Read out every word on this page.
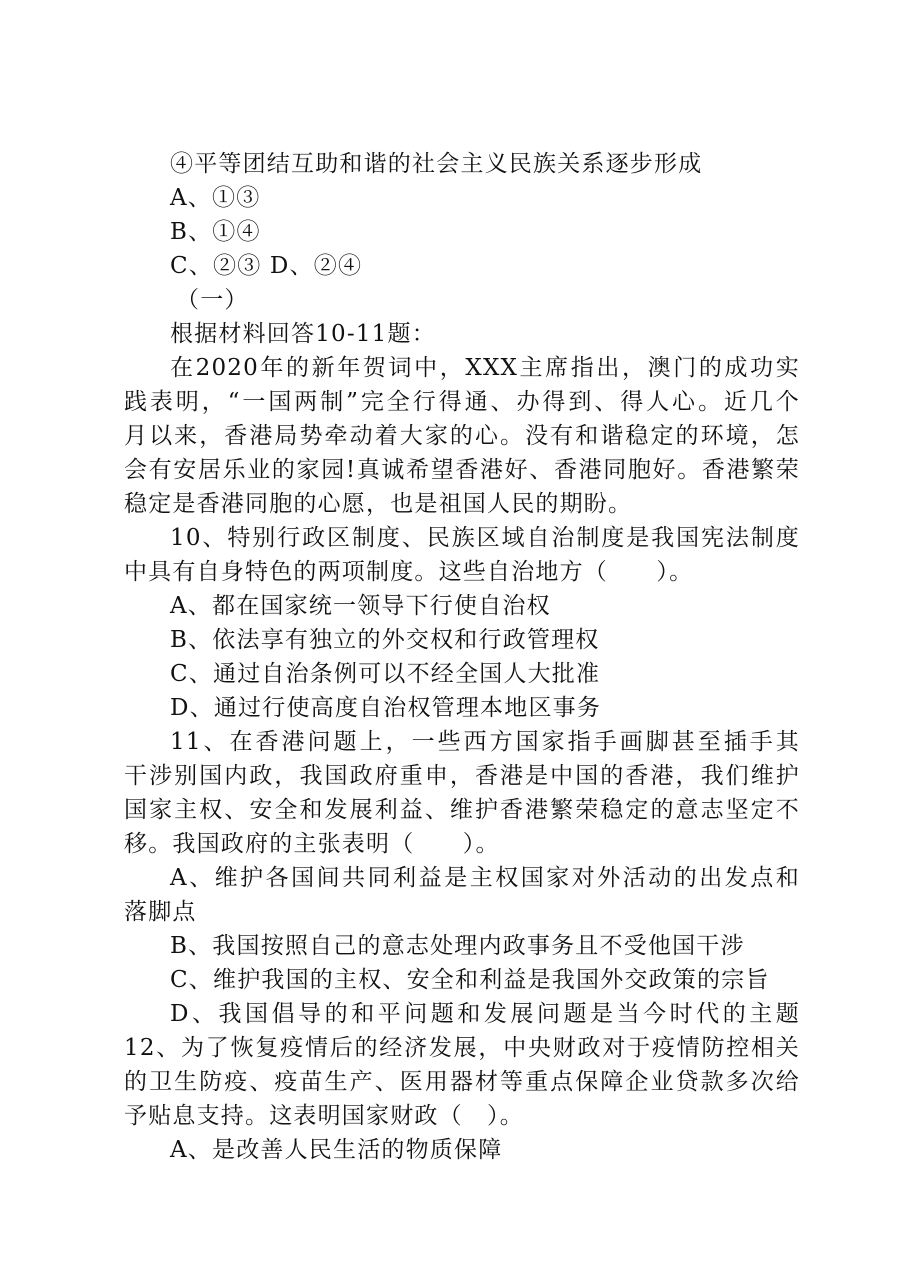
④平等团结互助和谐的社会主义民族关系逐步形成
A、①③
B、①④
C、②③ D、②④
（一）
根据材料回答10-11题：
在2020年的新年贺词中，XXX主席指出，澳门的成功实
践表明，“一国两制”完全行得通、办得到、得人心。近几个
月以来，香港局势牵动着大家的心。没有和谐稳定的环境，怎
会有安居乐业的家园!真诚希望香港好、香港同胞好。香港繁荣
稳定是香港同胞的心愿，也是祖国人民的期盼。
10、特别行政区制度、民族区域自治制度是我国宪法制度
中具有自身特色的两项制度。这些自治地方（　　）。
A、都在国家统一领导下行使自治权
B、依法享有独立的外交权和行政管理权
C、通过自治条例可以不经全国人大批准
D、通过行使高度自治权管理本地区事务
11、在香港问题上，一些西方国家指手画脚甚至插手其
干涉别国内政，我国政府重申，香港是中国的香港，我们维护
国家主权、安全和发展利益、维护香港繁荣稳定的意志坚定不
移。我国政府的主张表明（　　）。
A、维护各国间共同利益是主权国家对外活动的出发点和
落脚点
B、我国按照自己的意志处理内政事务且不受他国干涉
C、维护我国的主权、安全和利益是我国外交政策的宗旨
D、我国倡导的和平问题和发展问题是当今时代的主题
12、为了恢复疫情后的经济发展，中央财政对于疫情防控相关
的卫生防疫、疫苗生产、医用器材等重点保障企业贷款多次给
予贴息支持。这表明国家财政（　）。
A、是改善人民生活的物质保障
